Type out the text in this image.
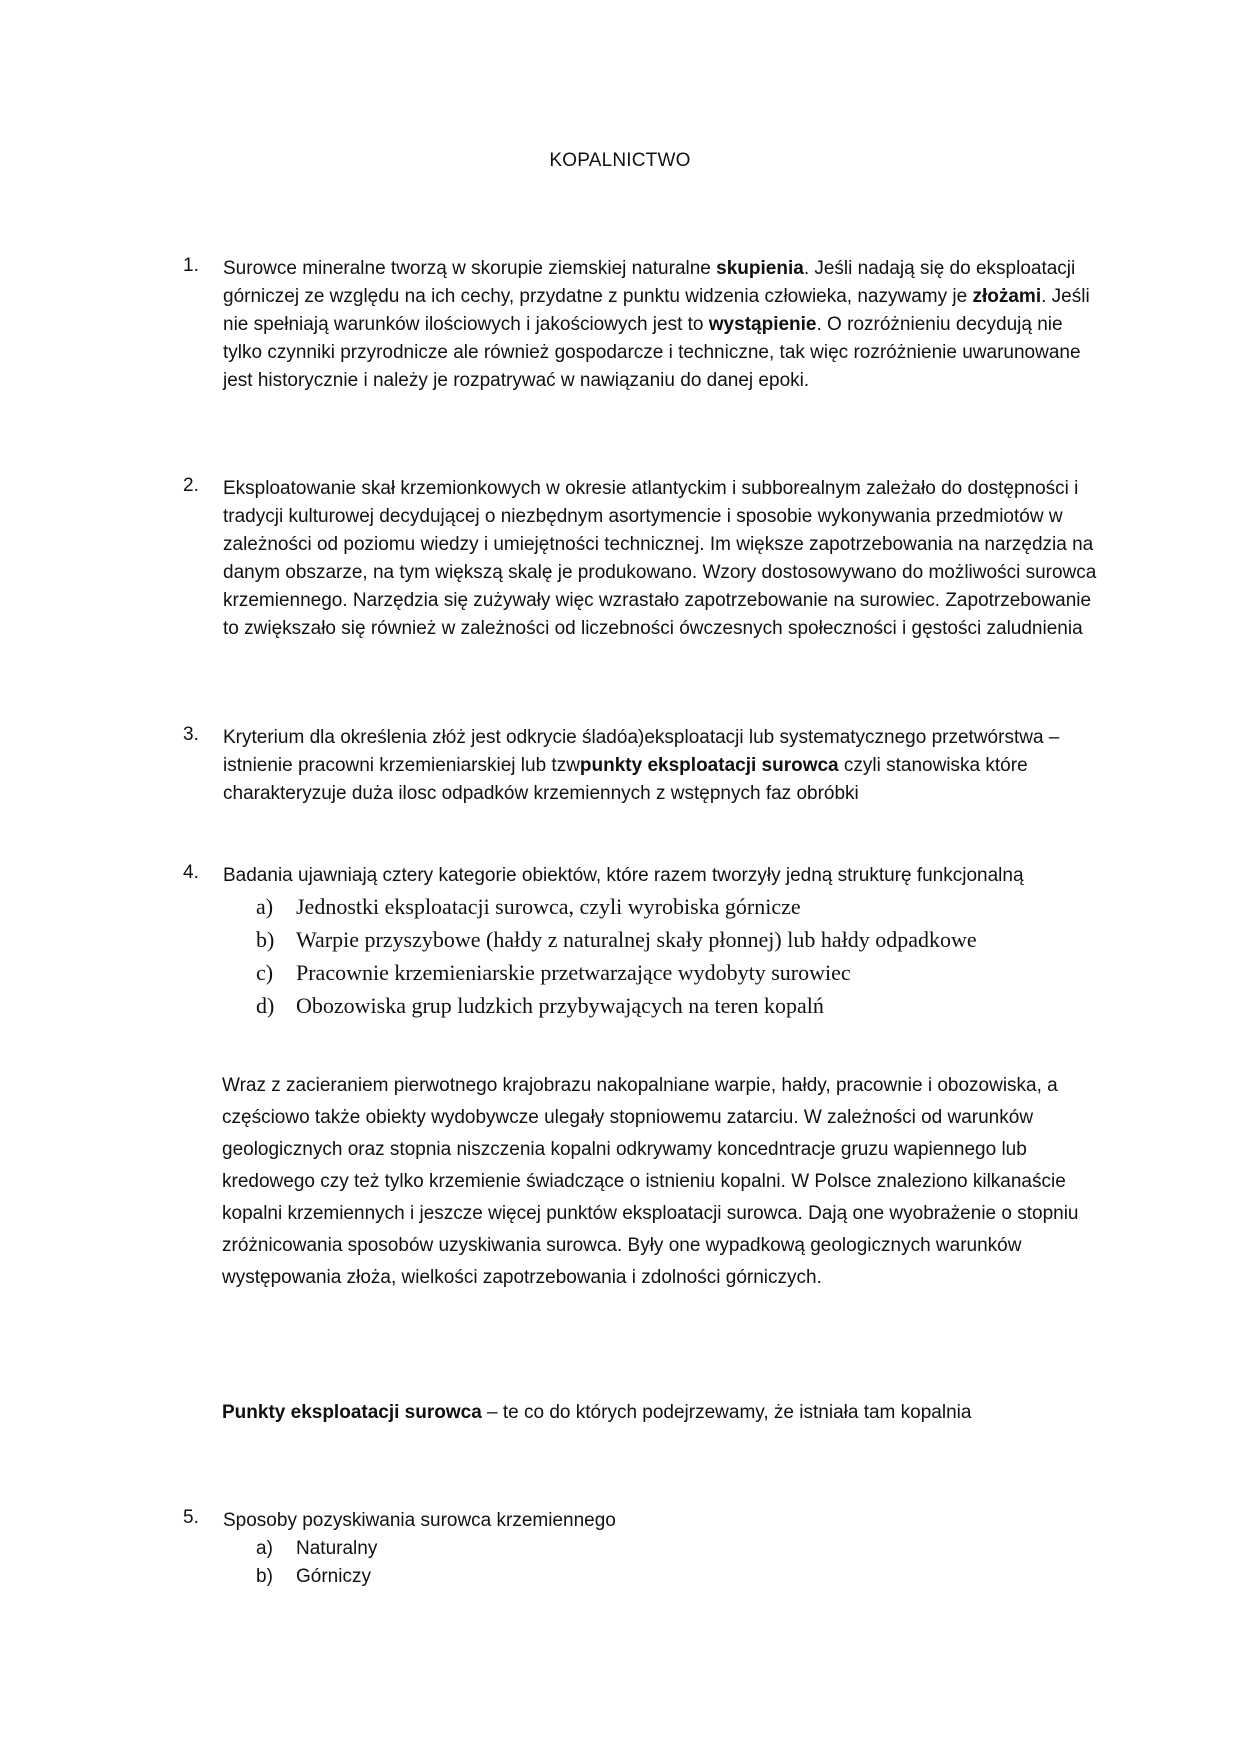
KOPALNICTWO
1.	Surowce mineralne tworzą w skorupie ziemskiej naturalne skupienia. Jeśli nadają się do eksploatacji górniczej ze względu na ich cechy, przydatne z punktu widzenia człowieka, nazywamy je złożami. Jeśli nie spełniają warunków ilościowych i jakościowych jest to wystąpienie. O rozróżnieniu decydują nie tylko czynniki przyrodnicze ale również gospodarcze i techniczne, tak więc rozróżnienie uwarunowane jest historycznie i należy je rozpatrywać w nawiązaniu do danej epoki.
2.	Eksploatowanie skał krzemionkowych w okresie atlantyckim i subborealnym zależało do dostępności i tradycji kulturowej decydującej o niezbędnym asortymencie i sposobie wykonywania przedmiotów w zależności od poziomu wiedzy i umiejętności technicznej. Im większe zapotrzebowania na narzędzia na danym obszarze, na tym większą skalę je produkowano. Wzory dostosowywano do możliwości surowca krzemiennego. Narzędzia się zużywały więc wzrastało zapotrzebowanie na surowiec. Zapotrzebowanie to zwiększało się również w zależności od liczebności ówczesnych społeczności i gęstości zaludnienia
3.	Kryterium dla określenia złóż jest odkrycie śladóa)eksploatacji lub systematycznego przetwórstwa – istnienie pracowni krzemieniarskiej lub tzwpunkty eksploatacji surowca czyli stanowiska które charakteryzuje duża ilosc odpadków krzemiennych z wstępnych faz obróbki
4.	Badania ujawniają cztery kategorie obiektów, które razem tworzyły jedną strukturę funkcjonalną

a) Jednostki eksploatacji surowca, czyli wyrobiska górnicze
b) Warpie przyszybowe (hałdy z naturalnej skały płonnej) lub hałdy odpadkowe
c) Pracownie krzemieniarskie przetwarzające wydobyty surowiec
d) Obozowiska grup ludzkich przybywających na teren kopalń
Wraz z zacieraniem pierwotnego krajobrazu nakopalniane warpie, hałdy, pracownie i obozowiska, a częściowo także obiekty wydobywcze ulegały stopniowemu zatarciu. W zależności od warunków geologicznych oraz stopnia niszczenia kopalni odkrywamy koncedntracje gruzu wapiennego lub kredowego czy też tylko krzemienie świadczące o istnieniu kopalni. W Polsce znaleziono kilkanaście kopalni krzemiennych i jeszcze więcej punktów eksploatacji surowca. Dają one wyobrażenie o stopniu zróżnicowania sposobów uzyskiwania surowca. Były one wypadkową geologicznych warunków występowania złoża, wielkości zapotrzebowania i zdolności górniczych.
Punkty eksploatacji surowca – te co do których podejrzewamy, że istniała tam kopalnia
5.	Sposoby pozyskiwania surowca krzemiennego

a) Naturalny
b) Górniczy
